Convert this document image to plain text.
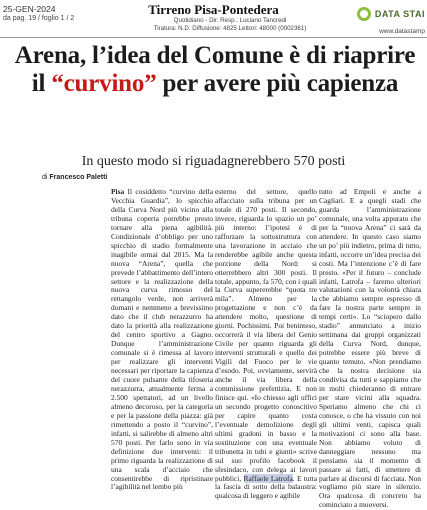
25-GEN-2024
da pag. 19 / foglio 1 / 2
Tirreno Pisa-Pontedera
Quotidiano - Dir. Resp.: Luciano Tancredi
Tiratura: N.D. Diffusione: 4825 Lettori: 48000 (0002361)
DATA STAI
www.datastamp
Arena, l’idea del Comune è di riaprire il “curvino” per avere più capienza
In questo modo si riguadagnerebbero 570 posti
di Francesco Paletti

Pisa Il cosiddetto “curvino della Vecchia Guardia”, lo spicchio della Curva Nord più vicino alla tribuna coperta potrebbe presto tornare alla piena agibilità. Condizionale d’obbligo per uno spicchio di stadio formalmente inagibile ormai dal 2015. Ma la nuova “Arena”, quella che prevede l’abbattimento dell’intero settore e la realizzazione della nuova curva rimosso del rettangolo verde, non arriverà domani e nemmeno a brevissimo dato che il club nerazzurro ha dato la priorità alla realizzazione del centro sportivo a Gagno. Dunque l’amministrazione comunale si è rimessa al lavoro per realizzare gli interventi necessari per riportare la capienza del cuore pulsante della tifoseria nerazzurra, attualmente ferma a 2.500 spettatori, ad un livello almeno decoroso, per la categoria e per la passione della piazza: già rimettendo a posto il “curvino”, infatti, si salirebbe di almeno altri 570 posti. Per farlo sono in via definizione due interventi: il primo riguarda la realizzazione di una scala d’acciaio che consentirebbe di ripristinare l’agibilità nel lembo più

esterno del settore, quello affacciato sulla tribuna per un totale di 270 posti. Il secondo, invece, riguarda lo spazio un po’ più interno: l’ipotesi è di rafforzare la sottostruttura con una lavorazione in acciaio che renderebbe agibile anche questa porzione della Nord: si otterrebbero altri 300 posti. Il totale, appunto, fa 570, con i quali la Curva supererebbe “quota tre mila”. Almeno per la progettazione e non c’è da attendere molto, questione di giorni. Pochissimi. Poi beninteso, occorrerà il via libera del Genio Civile per quanto riguarda gli interventi strutturali e quello dei Vigili del Fuoco per le vie d’esodo. Poi, ovviamente, servirà anche il via libera della commissione prefettizia. E non finisce qui. «Io chiesso agli uffici un secondo progetto conoscitivo per capire quanto costa l’eventuale demolizione degli ultimi gradoni in basso e la sostituzione con una eventuale tribunetta in tubi e giunti» scrive sul suo profilo facebook il sfesindaco, con delega ai lavori pubblici, Raffaele Latrofa. E tutta la fascia di sotto della balaustra: qualcosa di leggero e agibile

tutto ad Empoli e anche a Cagliari. E a quegli stadi che guarda l’amministrazione comunale, una volta appurato che per la “nuova Arena” ci sarà da attendere. In questo caso siamo un po’ più indietro, prima di tutto, infatti, occorre un’idea precisa dei costi. Ma l’intenzione c’è di fare presto. «Per il futuro – conclude infatti, Latrofa – faremo ulteriori valutazioni con la volontà chiara che abbiamo sempre espresso di fare la nostra parte sempre in tempi certi». Lo “sciopero dallo stadio” annunciato a inizio settimana dai gruppi organizzati della Curva Nord, dunque, potrebbe essere più breve di quanto temuto. «Non prendiamo che la nostra decisione sia condivisa da tutti e sappiamo che in molti chiederanno di entrare per stare vicini alla squadra. Speriamo almeno che chi ci conosce, o che ha vissuto con noi gli ultimi venti, capisca quali motivazioni ci sono alla base. Non abbiamo voluto di danneggiare nessuno ma pensiamo sia il momento di passare ai fatti, di smettere di parlare ai discorsi di facciata. Non vogliamo più stare in silenzio. Ora qualcosa di concreto ha cominciato a muoversi.
